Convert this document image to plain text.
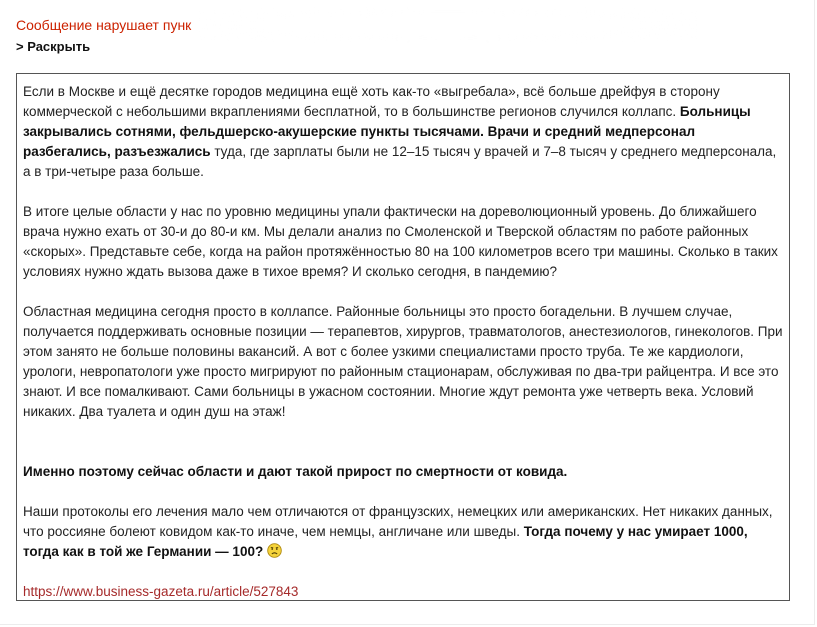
Сообщение нарушает пунк
> Раскрыть

Если в Москве и ещё десятке городов медицина ещё хоть как-то «выгребала», всё больше дрейфуя в сторону коммерческой с небольшими вкраплениями бесплатной, то в большинстве регионов случился коллапс. Больницы закрывались сотнями, фельдшерско-акушерские пункты тысячами. Врачи и средний медперсонал разбегались, разъезжались туда, где зарплаты были не 12–15 тысяч у врачей и 7–8 тысяч у среднего медперсонала, а в три-четыре раза больше.

В итоге целые области у нас по уровню медицины упали фактически на дореволюционный уровень. До ближайшего врача нужно ехать от 30-и до 80-и км. Мы делали анализ по Смоленской и Тверской областям по работе районных «скорых». Представьте себе, когда на район протяжённостью 80 на 100 километров всего три машины. Сколько в таких условиях нужно ждать вызова даже в тихое время? И сколько сегодня, в пандемию?

Областная медицина сегодня просто в коллапсе. Районные больницы это просто богадельни. В лучшем случае, получается поддерживать основные позиции — терапевтов, хирургов, травматологов, анестезиологов, гинекологов. При этом занято не больше половины вакансий. А вот с более узкими специалистами просто труба. Те же кардиологи, урологи, невропатологи уже просто мигрируют по районным стационарам, обслуживая по два-три райцентра. И все это знают. И все помалкивают. Сами больницы в ужасном состоянии. Многие ждут ремонта уже четверть века. Условий никаких. Два туалета и один душ на этаж!

Именно поэтому сейчас области и дают такой прирост по смертности от ковида.

Наши протоколы его лечения мало чем отличаются от французских, немецких или американских. Нет никаких данных, что россияне болеют ковидом как-то иначе, чем немцы, англичане или шведы. Тогда почему у нас умирает 1000, тогда как в той же Германии — 100?

https://www.business-gazeta.ru/article/527843
